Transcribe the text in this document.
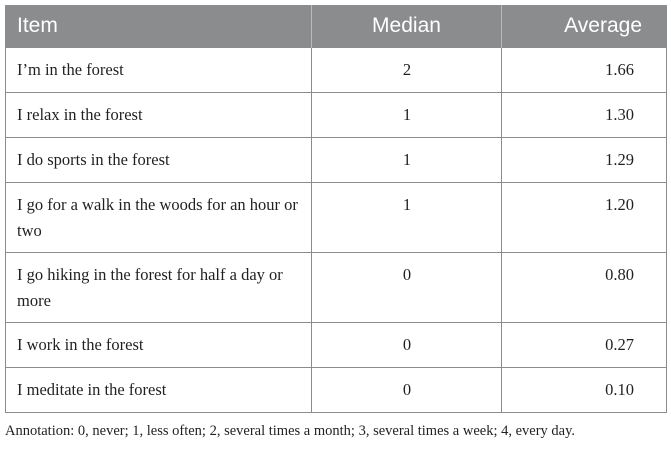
Item	Median	Average
I’m in the forest	2	1.66
I relax in the forest	1	1.30
I do sports in the forest	1	1.29
I go for a walk in the woods for an hour or two	1	1.20
I go hiking in the forest for half a day or more	0	0.80
I work in the forest	0	0.27
I meditate in the forest	0	0.10
Annotation: 0, never; 1, less often; 2, several times a month; 3, several times a week; 4, every day.
